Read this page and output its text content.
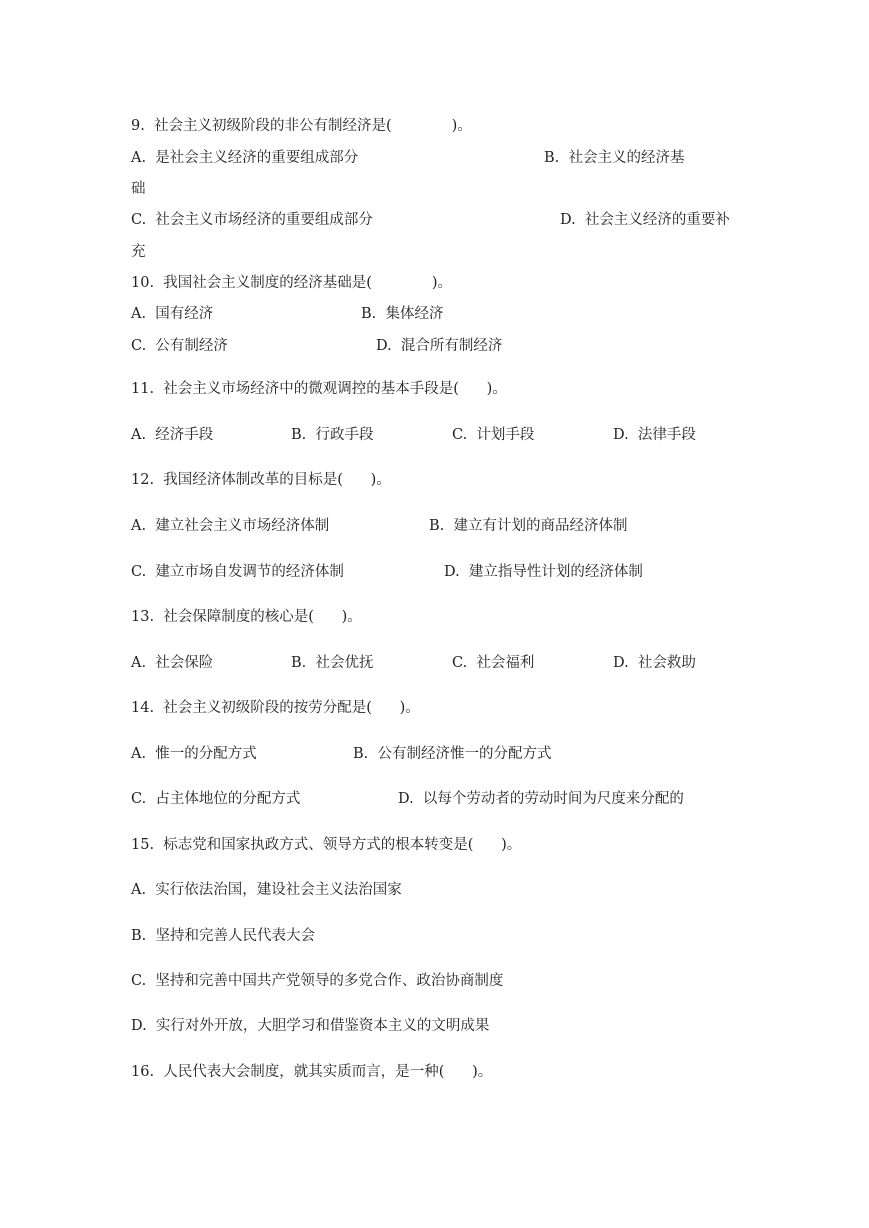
9.  社会主义初级阶段的非公有制经济是(             )。
A.  是社会主义经济的重要组成部分	B.  社会主义的经济基
础
C.  社会主义市场经济的重要组成部分	D.  社会主义经济的重要补
充
10.  我国社会主义制度的经济基础是(             )。
A.  国有经济	B.  集体经济
C.  公有制经济	D.  混合所有制经济
11.  社会主义市场经济中的微观调控的基本手段是(      )。
A.  经济手段	B.  行政手段	C.  计划手段	D.  法律手段
12.  我国经济体制改革的目标是(      )。
A.  建立社会主义市场经济体制	B.  建立有计划的商品经济体制
C.  建立市场自发调节的经济体制	D.  建立指导性计划的经济体制
13.  社会保障制度的核心是(      )。
A.  社会保险	B.  社会优抚	C.  社会福利	D.  社会救助
14.  社会主义初级阶段的按劳分配是(      )。
A.  惟一的分配方式	B.  公有制经济惟一的分配方式
C.  占主体地位的分配方式	D.  以每个劳动者的劳动时间为尺度来分配的
15.  标志党和国家执政方式、领导方式的根本转变是(      )。
A.  实行依法治国，建设社会主义法治国家
B.  坚持和完善人民代表大会
C.  坚持和完善中国共产党领导的多党合作、政治协商制度
D.  实行对外开放，大胆学习和借鉴资本主义的文明成果
16.  人民代表大会制度，就其实质而言，是一种(      )。
